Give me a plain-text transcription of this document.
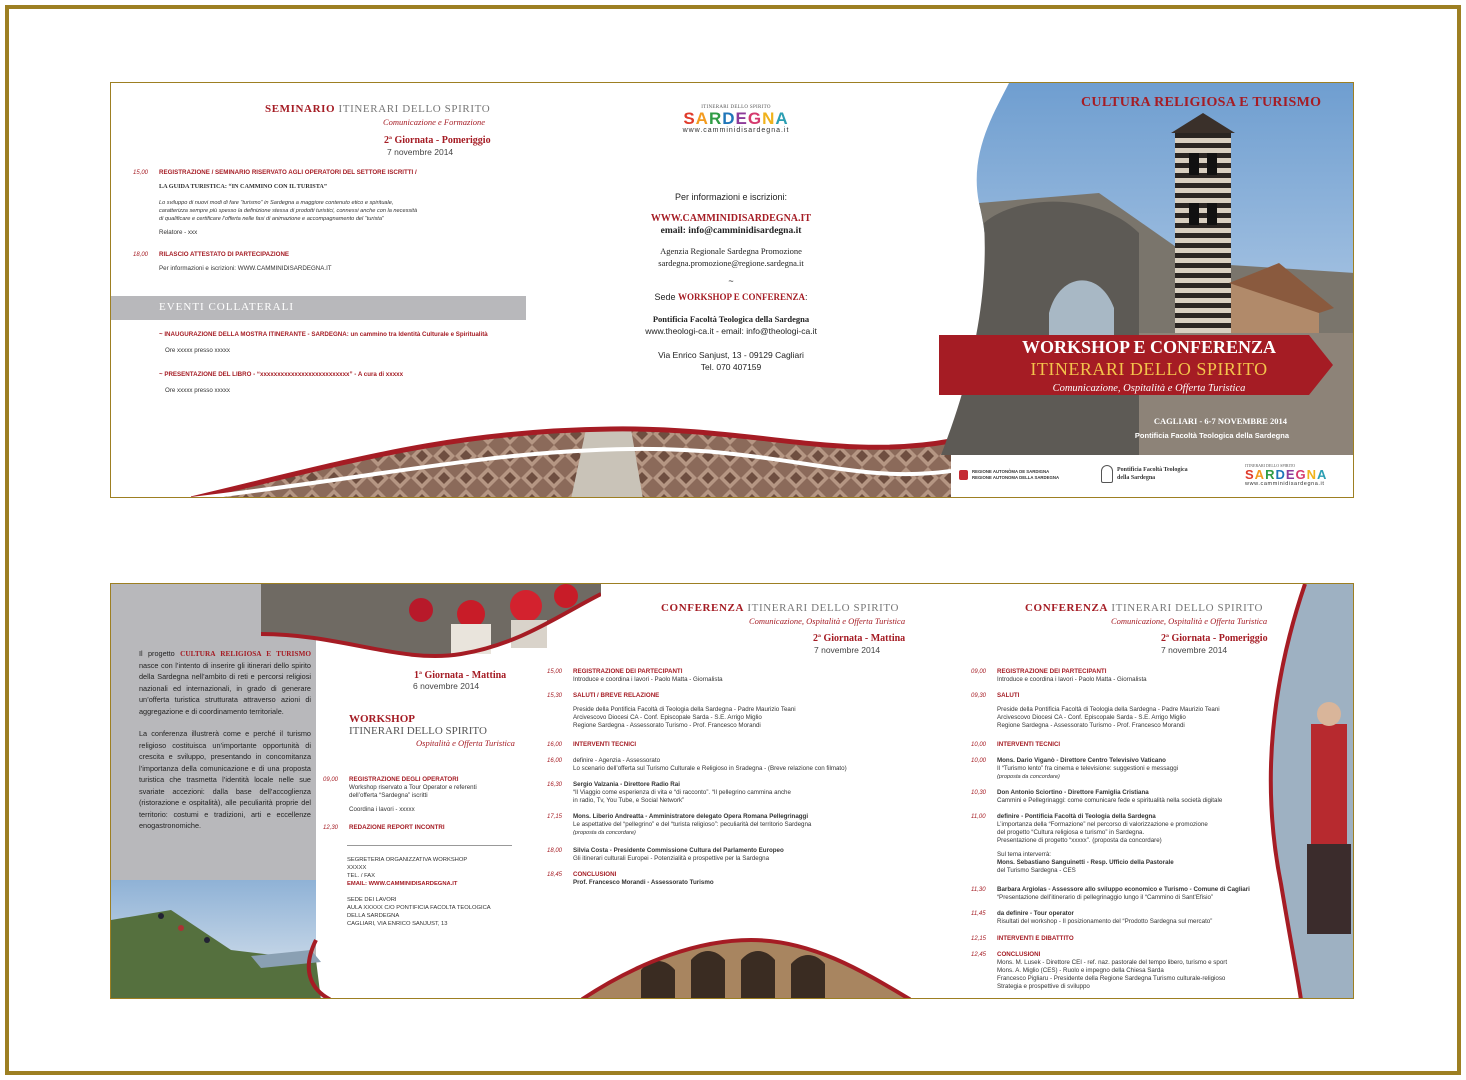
SEMINARIO ITINERARI DELLO SPIRITO
Comunicazione e Formazione
2ª Giornata - Pomeriggio
7 novembre 2014
15,00	REGISTRAZIONE / SEMINARIO RISERVATO AGLI OPERATORI DEL SETTORE ISCRITTI /
LA GUIDA TURISTICA: “IN CAMMINO CON IL TURISTA”
Lo sviluppo di nuovi modi di fare “turismo” in Sardegna a maggiore contenuto etico e spirituale,
caratterizza sempre più spesso la definizione stessa di prodotti turistici, connessi anche con la necessità
di qualificare e certificare l’offerta nelle fasi di animazione e accompagnamento del “turista”
Relatore - xxx
18,00	RILASCIO ATTESTATO DI PARTECIPAZIONE
Per informazioni e iscrizioni: WWW.CAMMINIDISARDEGNA.IT
EVENTI COLLATERALI
~ INAUGURAZIONE DELLA MOSTRA ITINERANTE - SARDEGNA: un cammino tra Identità Culturale e Spiritualità
Ore xxxxx presso xxxxx
~ PRESENTAZIONE DEL LIBRO - “xxxxxxxxxxxxxxxxxxxxxxxxxx” - A cura di xxxxx
Ore xxxxx presso xxxxx
ITINERARI DELLO SPIRITO
SARDEGNA
www.camminidisardegna.it
Per informazioni e iscrizioni:
WWW.CAMMINIDISARDEGNA.IT
email: info@camminidisardegna.it
Agenzia Regionale Sardegna Promozione
sardegna.promozione@regione.sardegna.it
~
Sede WORKSHOP E CONFERENZA:
Pontificia Facoltà Teologica della Sardegna
www.theologi-ca.it - email: info@theologi-ca.it
Via Enrico Sanjust, 13 - 09129 Cagliari
Tel. 070 407159
CULTURA RELIGIOSA E TURISMO
WORKSHOP E CONFERENZA
ITINERARI DELLO SPIRITO
Comunicazione, Ospitalità e Offerta Turistica
CAGLIARI - 6-7 NOVEMBRE 2014
Pontificia Facoltà Teologica della Sardegna
REGIONE AUTONÒMA DE SARDIGNA
REGIONE AUTONOMA DELLA SARDEGNA
Pontificia Facoltà Teologica
della Sardegna
ITINERARI DELLO SPIRITO
SARDEGNA
www.camminidisardegna.it

Il progetto CULTURA RELIGIOSA E TURISMO nasce con l’intento di inserire gli itinerari dello spirito della Sardegna nell’ambito di reti e percorsi religiosi nazionali ed internazionali, in grado di generare un’offerta turistica strutturata attraverso azioni di aggregazione e di coordinamento territoriale.

La conferenza illustrerà come e perché il turismo religioso costituisca un’importante opportunità di crescita e sviluppo, presentando in concomitanza l’importanza della comunicazione e di una proposta turistica che trasmetta l’identità locale nelle sue svariate accezioni: dalla base dell’accoglienza (ristorazione e ospitalità), alle peculiarità proprie del territorio: costumi e tradizioni, arti e eccellenze enogastronomiche.

1ª Giornata - Mattina
6 novembre 2014
WORKSHOP
ITINERARI DELLO SPIRITO
Ospitalità e Offerta Turistica
09,00	REGISTRAZIONE DEGLI OPERATORI
Workshop riservato a Tour Operator e referenti
dell’offerta “Sardegna” iscritti
Coordina i lavori - xxxxx
12,30	REDAZIONE REPORT INCONTRI
SEGRETERIA ORGANIZZATIVA WORKSHOP
XXXXX
TEL. / FAX
EMAIL: WWW.CAMMINIDISARDEGNA.IT
SEDE DEI LAVORI
AULA XXXXX C/O PONTIFICIA FACOLTA TEOLOGICA
DELLA SARDEGNA
CAGLIARI, VIA ENRICO SANJUST, 13
CONFERENZA ITINERARI DELLO SPIRITO
Comunicazione, Ospitalità e Offerta Turistica
2ª Giornata - Mattina
7 novembre 2014
15,00	REGISTRAZIONE DEI PARTECIPANTI
Introduce e coordina i lavori - Paolo Matta - Giornalista
15,30	SALUTI / BREVE RELAZIONE
Preside della Pontificia Facoltà di Teologia della Sardegna - Padre Maurizio Teani
Arcivescovo Diocesi CA - Conf. Episcopale Sarda - S.E. Arrigo Miglio
Regione Sardegna - Assessorato Turismo - Prof. Francesco Morandi
16,00	INTERVENTI TECNICI
16,00	definire - Agenzia - Assessorato
Lo scenario dell’offerta sul Turismo Culturale e Religioso in Sradegna - (Breve relazione con filmato)
16,30	Sergio Valzania - Direttore Radio Rai
“Il Viaggio come esperienza di vita e “di racconto”. “Il pellegrino cammina anche
in radio, Tv, You Tube, e Social Network”
17,15	Mons. Liberio Andreatta - Amministratore delegato Opera Romana Pellegrinaggi
Le aspettative del “pellegrino” e del “turista religioso”: peculiarità del territorio Sardegna
(proposta da concordare)
18,00	Silvia Costa - Presidente Commissione Cultura del Parlamento Europeo
Gli itinerari culturali Europei - Potenzialità e prospettive per la Sardegna
18,45	CONCLUSIONI
Prof. Francesco Morandi - Assessorato Turismo
CONFERENZA ITINERARI DELLO SPIRITO
Comunicazione, Ospitalità e Offerta Turistica
2ª Giornata - Pomeriggio
7 novembre 2014
09,00	REGISTRAZIONE DEI PARTECIPANTI
Introduce e coordina i lavori - Paolo Matta - Giornalista
09,30	SALUTI
Preside della Pontificia Facoltà di Teologia della Sardegna - Padre Maurizio Teani
Arcivescovo Diocesi CA - Conf. Episcopale Sarda - S.E. Arrigo Miglio
Regione Sardegna - Assessorato Turismo - Prof. Francesco Morandi
10,00	INTERVENTI TECNICI
10,00	Mons. Dario Viganò - Direttore Centro Televisivo Vaticano
Il “Turismo lento” fra cinema e televisione: suggestioni e messaggi
(proposta da concordare)
10,30	Don Antonio Sciortino - Direttore Famiglia Cristiana
Cammini e Pellegrinaggi: come comunicare fede e spiritualità nella società digitale
11,00	definire - Pontificia Facoltà di Teologia della Sardegna
L’importanza della “Formazione” nel percorso di valorizzazione e promozione
del progetto “Cultura religiosa e turismo” in Sardegna.
Presentazione di progetto “xxxxx”. (proposta da concordare)
Sul tema interverrà:
Mons. Sebastiano Sanguinetti - Resp. Ufficio della Pastorale
del Turismo Sardegna - CES
11,30	Barbara Argiolas - Assessore allo sviluppo economico e Turismo - Comune di Cagliari
“Presentazione dell’itinerario di pellegrinaggio lungo il “Cammino di Sant’Efisio”
11,45	da definire - Tour operator
Risultati del workshop - Il posizionamento del “Prodotto Sardegna sul mercato”
12,15	INTERVENTI E DIBATTITO
12,45	CONCLUSIONI
Mons. M. Lusek - Direttore CEI - ref. naz. pastorale del tempo libero, turismo e sport
Mons. A. Miglio (CES) - Ruolo e impegno della Chiesa Sarda
Francesco Pigliaru - Presidente della Regione Sardegna Turismo culturale-religioso
Strategia e prospettive di sviluppo
